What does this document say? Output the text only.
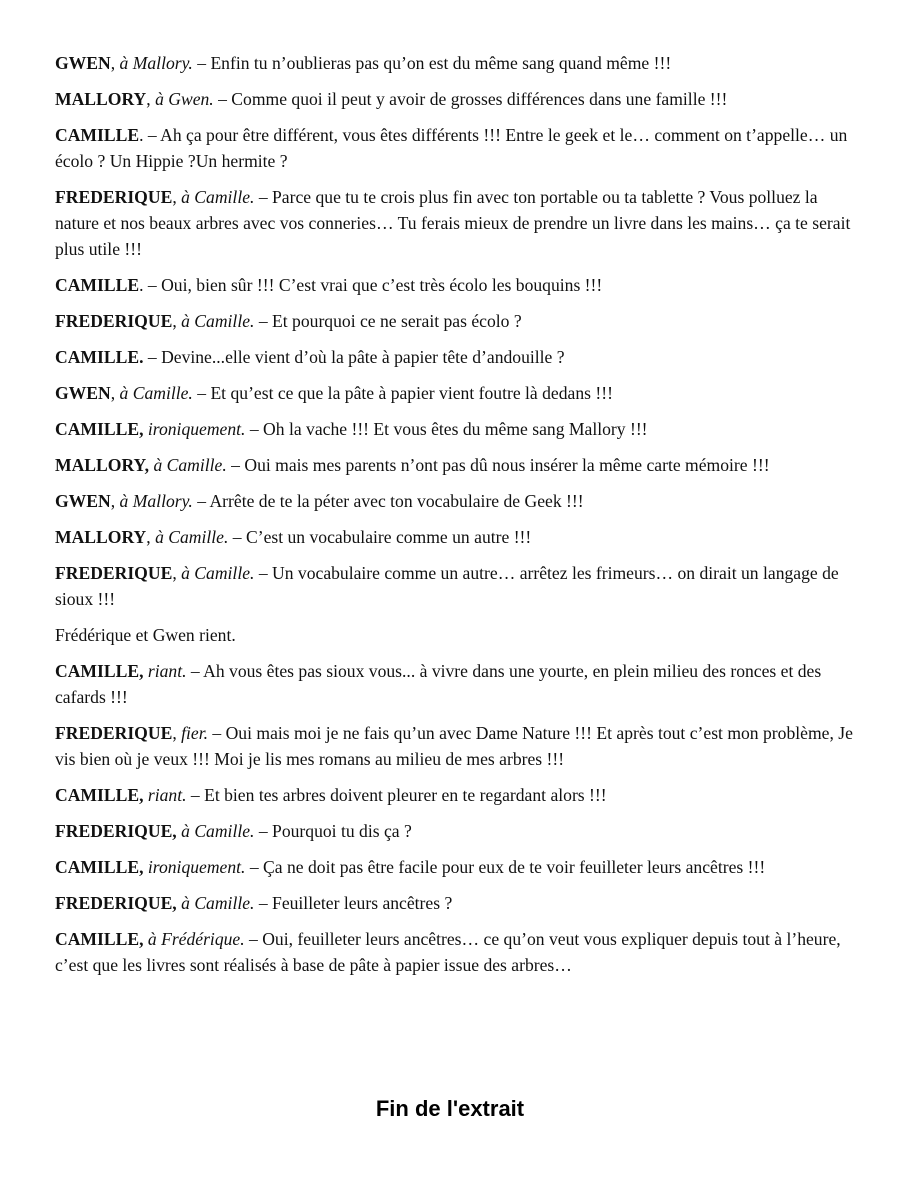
GWEN, à Mallory. – Enfin tu n’oublieras pas qu’on est du même sang quand même !!!

MALLORY, à Gwen. – Comme quoi il peut y avoir de grosses différences dans une famille !!!

CAMILLE. – Ah ça pour être différent, vous êtes différents !!! Entre le geek et le… comment on t’appelle… un écolo ? Un Hippie ?Un hermite ?

FREDERIQUE, à Camille. – Parce que tu te crois plus fin avec ton portable ou ta tablette ? Vous polluez la nature et nos beaux arbres avec vos conneries… Tu ferais mieux de prendre un livre dans les mains… ça te serait plus utile !!!

CAMILLE. – Oui, bien sûr !!! C’est vrai que c’est très écolo les bouquins !!!

FREDERIQUE, à Camille. – Et pourquoi ce ne serait pas écolo ?

CAMILLE. – Devine...elle vient d’où la pâte à papier tête d’andouille ?

GWEN, à Camille. – Et qu’est ce que la pâte à papier vient foutre là dedans !!!

CAMILLE, ironiquement. – Oh la vache !!! Et vous êtes du même sang Mallory !!!

MALLORY, à Camille. – Oui mais mes parents n’ont pas dû nous insérer la même carte mémoire !!!

GWEN, à Mallory. – Arrête de te la péter avec ton vocabulaire de Geek !!!

MALLORY, à Camille. – C’est un vocabulaire comme un autre !!!

FREDERIQUE, à Camille. – Un vocabulaire comme un autre… arrêtez les frimeurs… on dirait un langage de sioux !!!

Frédérique et Gwen rient.

CAMILLE, riant. – Ah vous êtes pas sioux vous... à vivre dans une yourte, en plein milieu des ronces et des cafards !!!

FREDERIQUE, fier. – Oui mais moi je ne fais qu’un avec Dame Nature !!! Et après tout c’est mon problème, Je vis bien où je veux !!! Moi je lis mes romans au milieu de mes arbres !!!

CAMILLE, riant. – Et bien tes arbres doivent pleurer en te regardant alors !!!

FREDERIQUE, à Camille. – Pourquoi tu dis ça ?

CAMILLE, ironiquement. – Ça ne doit pas être facile pour eux de te voir feuilleter leurs ancêtres !!!

FREDERIQUE, à Camille. – Feuilleter leurs ancêtres ?

CAMILLE, à Frédérique. – Oui, feuilleter leurs ancêtres… ce qu’on veut vous expliquer depuis tout à l’heure, c’est que les livres sont réalisés à base de pâte à papier issue des arbres…

Fin de l'extrait
